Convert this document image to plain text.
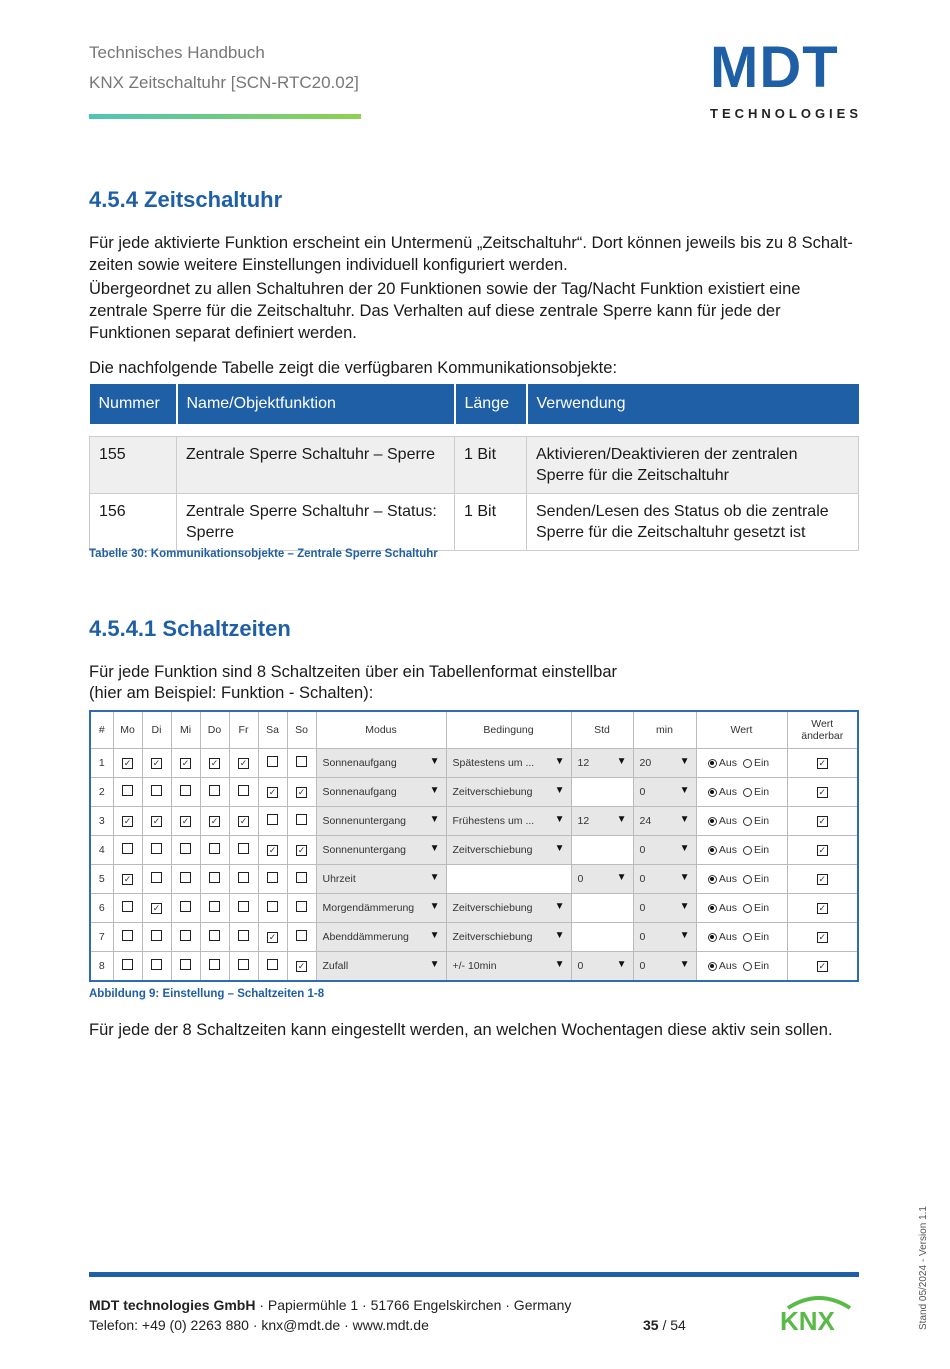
Technisches Handbuch
KNX Zeitschaltuhr [SCN-RTC20.02]	MDT
TECHNOLOGIES
4.5.4 Zeitschaltuhr
Für jede aktivierte Funktion erscheint ein Untermenü „Zeitschaltuhr“. Dort können jeweils bis zu 8 Schalt-zeiten sowie weitere Einstellungen individuell konfiguriert werden.
Übergeordnet zu allen Schaltuhren der 20 Funktionen sowie der Tag/Nacht Funktion existiert eine zentrale Sperre für die Zeitschaltuhr. Das Verhalten auf diese zentrale Sperre kann für jede der Funktionen separat definiert werden.
Die nachfolgende Tabelle zeigt die verfügbaren Kommunikationsobjekte:
Nummer	Name/Objektfunktion	Länge	Verwendung

155	Zentrale Sperre Schaltuhr – Sperre	1 Bit	Aktivieren/Deaktivieren der zentralen Sperre für die Zeitschaltuhr
156	Zentrale Sperre Schaltuhr – Status: Sperre	1 Bit	Senden/Lesen des Status ob die zentrale Sperre für die Zeitschaltuhr gesetzt ist
Tabelle 30: Kommunikationsobjekte – Zentrale Sperre Schaltuhr
4.5.4.1 Schaltzeiten
Für jede Funktion sind 8 Schaltzeiten über ein Tabellenformat einstellbar
(hier am Beispiel: Funktion - Schalten):
#	Mo	Di	Mi	Do	Fr	Sa	So	Modus	Bedingung	Std	min	Wert	Wert änderbar
1	✓	✓	✓	✓	✓			Sonnenaufgang ▼	Spätestens um ... ▼	12 ▼	20 ▼	Aus Ein	✓
2						✓	✓	Sonnenaufgang ▼	Zeitverschiebung ▼		0 ▼	Aus Ein	✓
3	✓	✓	✓	✓	✓			Sonnenuntergang ▼	Frühestens um ... ▼	12 ▼	24 ▼	Aus Ein	✓
4						✓	✓	Sonnenuntergang ▼	Zeitverschiebung ▼		0 ▼	Aus Ein	✓
5	✓							Uhrzeit ▼		0 ▼	0 ▼	Aus Ein	✓
6		✓						Morgendämmerung ▼	Zeitverschiebung ▼		0 ▼	Aus Ein	✓
7						✓		Abenddämmerung ▼	Zeitverschiebung ▼		0 ▼	Aus Ein	✓
8							✓	Zufall ▼	+/- 10min ▼	0 ▼	0 ▼	Aus Ein	✓
Abbildung 9: Einstellung – Schaltzeiten 1-8
Für jede der 8 Schaltzeiten kann eingestellt werden, an welchen Wochentagen diese aktiv sein sollen.
MDT technologies GmbH · Papiermühle 1 · 51766 Engelskirchen · Germany
Telefon: +49 (0) 2263 880 · knx@mdt.de · www.mdt.de	35 / 54	KNX	Stand 05/2024 - Version 1.1
